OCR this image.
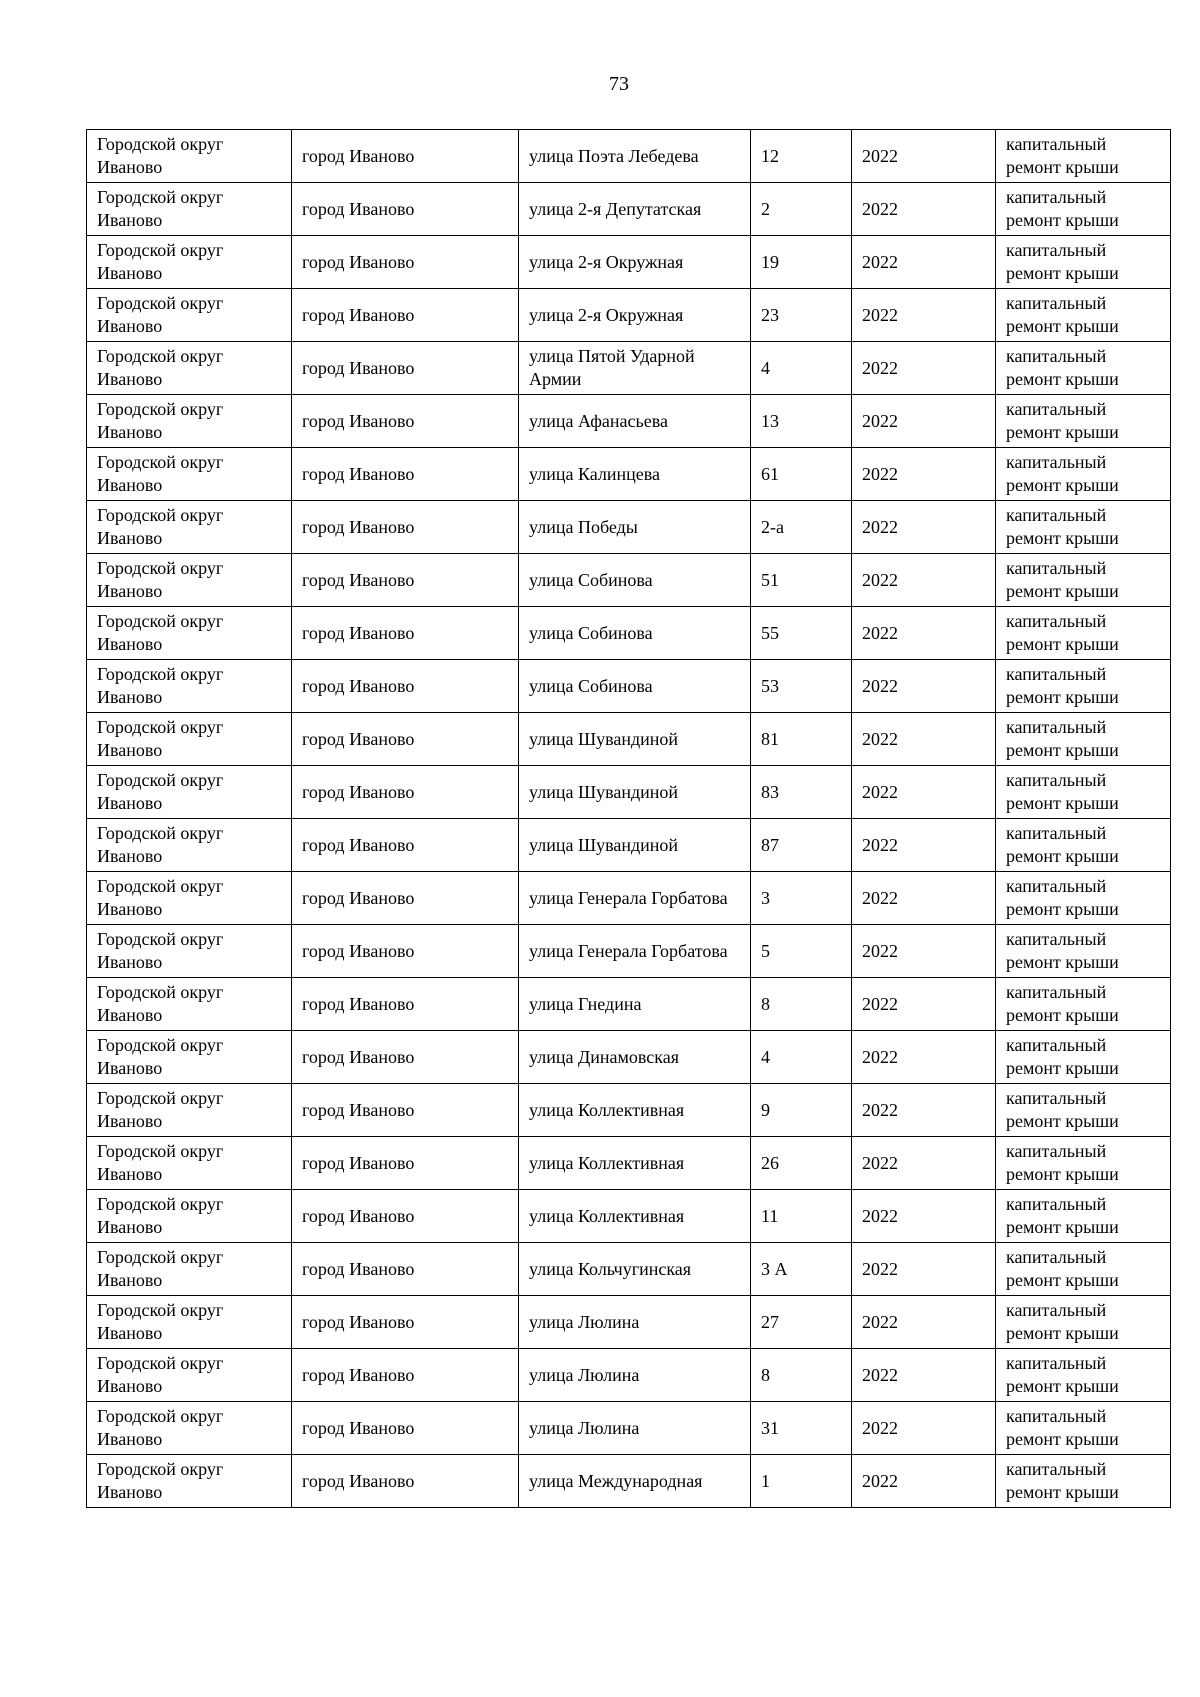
73
Городской округ Иваново	город Иваново	улица Поэта Лебедева	12	2022	капитальный ремонт крыши
Городской округ Иваново	город Иваново	улица 2-я Депутатская	2	2022	капитальный ремонт крыши
Городской округ Иваново	город Иваново	улица 2-я Окружная	19	2022	капитальный ремонт крыши
Городской округ Иваново	город Иваново	улица 2-я Окружная	23	2022	капитальный ремонт крыши
Городской округ Иваново	город Иваново	улица Пятой Ударной Армии	4	2022	капитальный ремонт крыши
Городской округ Иваново	город Иваново	улица Афанасьева	13	2022	капитальный ремонт крыши
Городской округ Иваново	город Иваново	улица Калинцева	61	2022	капитальный ремонт крыши
Городской округ Иваново	город Иваново	улица Победы	2-а	2022	капитальный ремонт крыши
Городской округ Иваново	город Иваново	улица Собинова	51	2022	капитальный ремонт крыши
Городской округ Иваново	город Иваново	улица Собинова	55	2022	капитальный ремонт крыши
Городской округ Иваново	город Иваново	улица Собинова	53	2022	капитальный ремонт крыши
Городской округ Иваново	город Иваново	улица Шувандиной	81	2022	капитальный ремонт крыши
Городской округ Иваново	город Иваново	улица Шувандиной	83	2022	капитальный ремонт крыши
Городской округ Иваново	город Иваново	улица Шувандиной	87	2022	капитальный ремонт крыши
Городской округ Иваново	город Иваново	улица Генерала Горбатова	3	2022	капитальный ремонт крыши
Городской округ Иваново	город Иваново	улица Генерала Горбатова	5	2022	капитальный ремонт крыши
Городской округ Иваново	город Иваново	улица Гнедина	8	2022	капитальный ремонт крыши
Городской округ Иваново	город Иваново	улица Динамовская	4	2022	капитальный ремонт крыши
Городской округ Иваново	город Иваново	улица Коллективная	9	2022	капитальный ремонт крыши
Городской округ Иваново	город Иваново	улица Коллективная	26	2022	капитальный ремонт крыши
Городской округ Иваново	город Иваново	улица Коллективная	11	2022	капитальный ремонт крыши
Городской округ Иваново	город Иваново	улица Кольчугинская	3 А	2022	капитальный ремонт крыши
Городской округ Иваново	город Иваново	улица Люлина	27	2022	капитальный ремонт крыши
Городской округ Иваново	город Иваново	улица Люлина	8	2022	капитальный ремонт крыши
Городской округ Иваново	город Иваново	улица Люлина	31	2022	капитальный ремонт крыши
Городской округ Иваново	город Иваново	улица Международная	1	2022	капитальный ремонт крыши
